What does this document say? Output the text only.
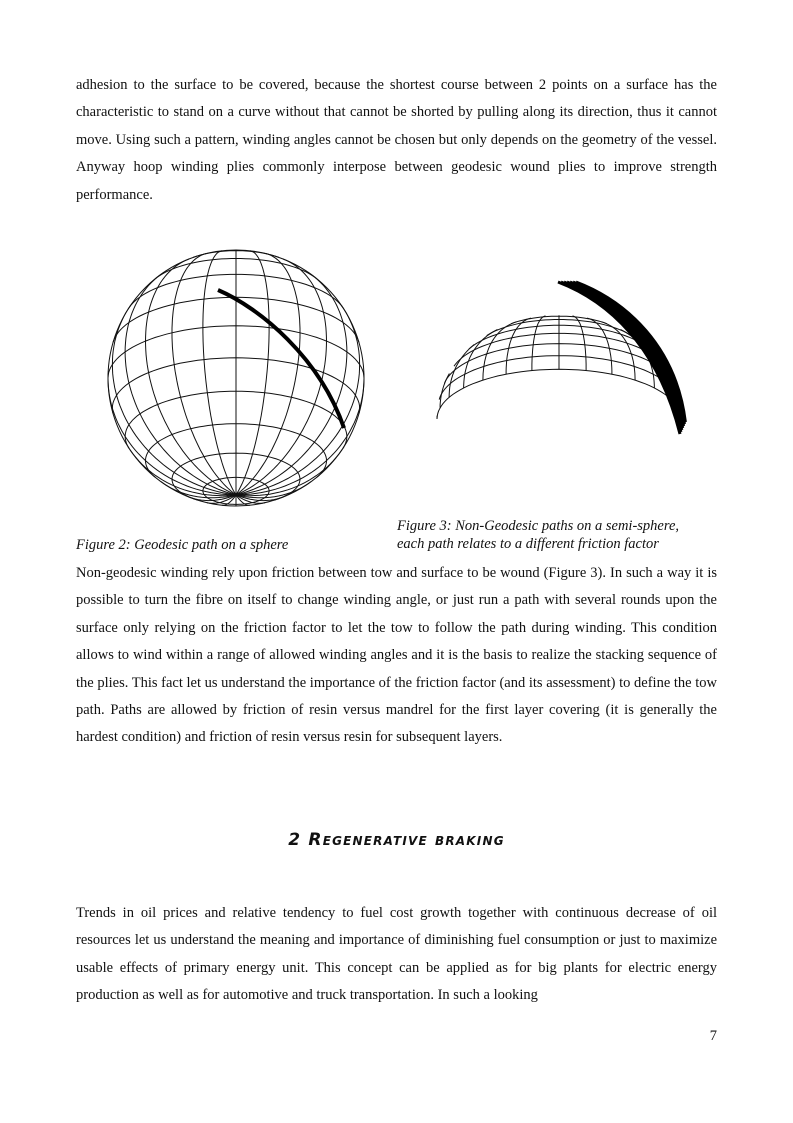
adhesion to the surface to be covered, because the shortest course between 2 points on a surface has the characteristic to stand on a curve without that cannot be shorted by pulling along its direction, thus it cannot move. Using such a pattern, winding angles cannot be chosen but only depends on the geometry of the vessel. Anyway hoop winding plies commonly interpose between geodesic wound plies to improve strength performance.

Figure 2: Geodesic path on a sphere

Figure 3: Non-Geodesic paths on a semi-sphere,
each path relates to a different friction factor

Non-geodesic winding rely upon friction between tow and surface to be wound (Figure 3). In such a way it is possible to turn the fibre on itself to change winding angle, or just run a path with several rounds upon the surface only relying on the friction factor to let the tow to follow the path during winding. This condition allows to wind within a range of allowed winding angles and it is the basis to realize the stacking sequence of the plies. This fact let us understand the importance of the friction factor (and its assessment) to define the tow path. Paths are allowed by friction of resin versus mandrel for the first layer covering (it is generally the hardest condition) and friction of resin versus resin for subsequent layers.

2 Regenerative braking

Trends in oil prices and relative tendency to fuel cost growth together with continuous decrease of oil resources let us understand the meaning and importance of diminishing fuel consumption or just to maximize usable effects of primary energy unit. This concept can be applied as for big plants for electric energy production as well as for automotive and truck transportation. In such a looking

7
